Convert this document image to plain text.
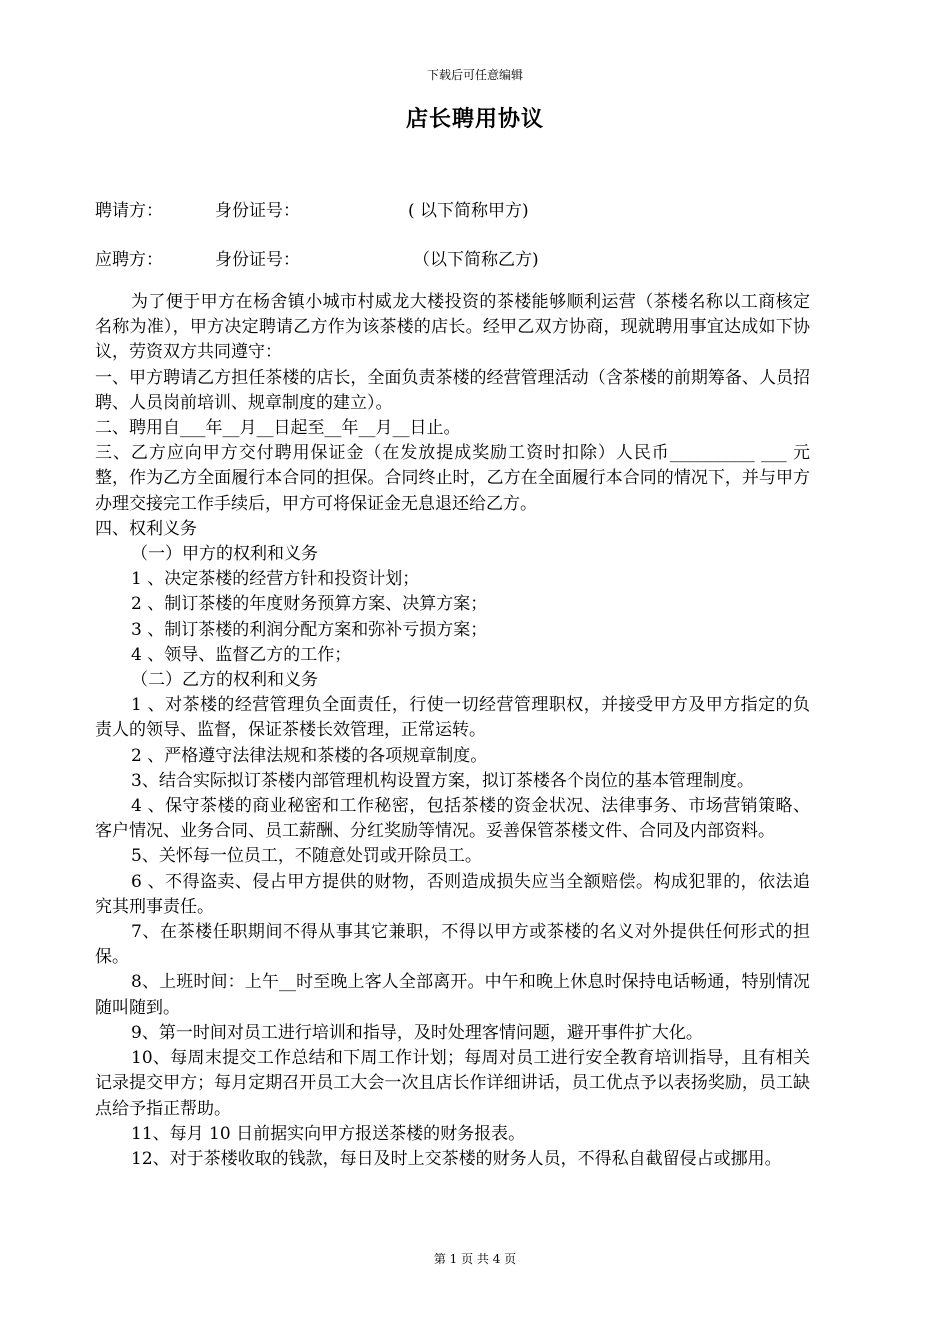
下载后可任意编辑
店长聘用协议
聘请方：	身份证号：	( 以下简称甲方)
应聘方：	身份证号：	（以下简称乙方)

为了便于甲方在杨舍镇小城市村威龙大楼投资的茶楼能够顺利运营（茶楼名称以工商核定名称为准），甲方决定聘请乙方作为该茶楼的店长。经甲乙双方协商，现就聘用事宜达成如下协议，劳资双方共同遵守：

一、甲方聘请乙方担任茶楼的店长，全面负责茶楼的经营管理活动（含茶楼的前期筹备、人员招聘、人员岗前培训、规章制度的建立）。

二、聘用自___年__月__日起至__年__月__日止。

三、乙方应向甲方交付聘用保证金（在发放提成奖励工资时扣除）人民币__________ ___ 元整，作为乙方全面履行本合同的担保。合同终止时，乙方在全面履行本合同的情况下，并与甲方办理交接完工作手续后，甲方可将保证金无息退还给乙方。

四、权利义务

（一）甲方的权利和义务

1 、决定茶楼的经营方针和投资计划；

2 、制订茶楼的年度财务预算方案、决算方案；

3 、制订茶楼的利润分配方案和弥补亏损方案；

4 、领导、监督乙方的工作；

（二）乙方的权利和义务

1 、对茶楼的经营管理负全面责任，行使一切经营管理职权，并接受甲方及甲方指定的负责人的领导、监督，保证茶楼长效管理，正常运转。

2 、严格遵守法律法规和茶楼的各项规章制度。

3、结合实际拟订茶楼内部管理机构设置方案，拟订茶楼各个岗位的基本管理制度。

4 、保守茶楼的商业秘密和工作秘密，包括茶楼的资金状况、法律事务、市场营销策略、客户情况、业务合同、员工薪酬、分红奖励等情况。妥善保管茶楼文件、合同及内部资料。

5、关怀每一位员工，不随意处罚或开除员工。

6 、不得盗卖、侵占甲方提供的财物，否则造成损失应当全额赔偿。构成犯罪的，依法追究其刑事责任。

7、在茶楼任职期间不得从事其它兼职，不得以甲方或茶楼的名义对外提供任何形式的担保。

8、上班时间：上午__时至晚上客人全部离开。中午和晚上休息时保持电话畅通，特别情况随叫随到。

9、第一时间对员工进行培训和指导，及时处理客情问题，避开事件扩大化。

10、每周末提交工作总结和下周工作计划；每周对员工进行安全教育培训指导，且有相关记录提交甲方；每月定期召开员工大会一次且店长作详细讲话，员工优点予以表扬奖励，员工缺点给予指正帮助。

11、每月 10 日前据实向甲方报送茶楼的财务报表。

12、对于茶楼收取的钱款，每日及时上交茶楼的财务人员，不得私自截留侵占或挪用。

第 1 页 共 4 页
